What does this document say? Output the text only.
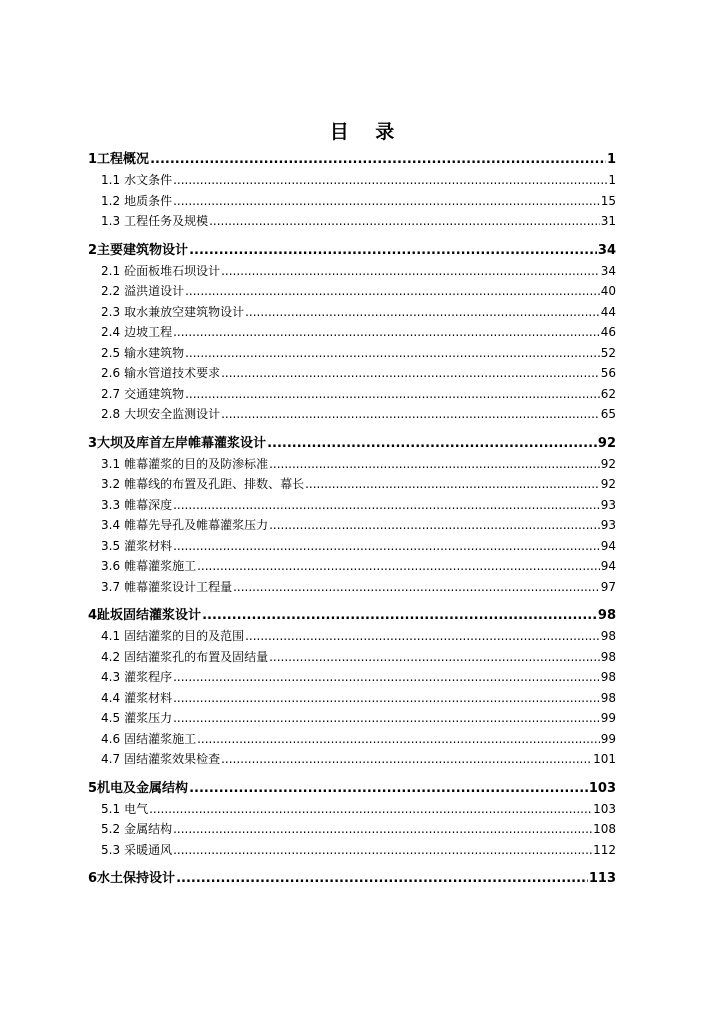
目 录
1 工程概况 .....	1
1.1 水文条件 .....	1
1.2 地质条件 .....	15
1.3 工程任务及规模 .....	31
2 主要建筑物设计 .....	34
2.1 砼面板堆石坝设计 .....	34
2.2 溢洪道设计 .....	40
2.3 取水兼放空建筑物设计 .....	44
2.4 边坡工程 .....	46
2.5 输水建筑物 .....	52
2.6 输水管道技术要求 .....	56
2.7 交通建筑物 .....	62
2.8 大坝安全监测设计 .....	65
3 大坝及库首左岸帷幕灌浆设计 .....	92
3.1 帷幕灌浆的目的及防渗标准 .....	92
3.2 帷幕线的布置及孔距、排数、幕长 .....	92
3.3 帷幕深度 .....	93
3.4 帷幕先导孔及帷幕灌浆压力 .....	93
3.5 灌浆材料 .....	94
3.6 帷幕灌浆施工 .....	94
3.7 帷幕灌浆设计工程量 .....	97
4 趾坂固结灌浆设计 .....	98
4.1 固结灌浆的目的及范围 .....	98
4.2 固结灌浆孔的布置及固结量 .....	98
4.3 灌浆程序 .....	98
4.4 灌浆材料 .....	98
4.5 灌浆压力 .....	99
4.6 固结灌浆施工 .....	99
4.7 固结灌浆效果检查 .....	101
5 机电及金属结构 .....	103
5.1 电气 .....	103
5.2 金属结构 .....	108
5.3 采暖通风 .....	112
6 水土保持设计 .....	113
